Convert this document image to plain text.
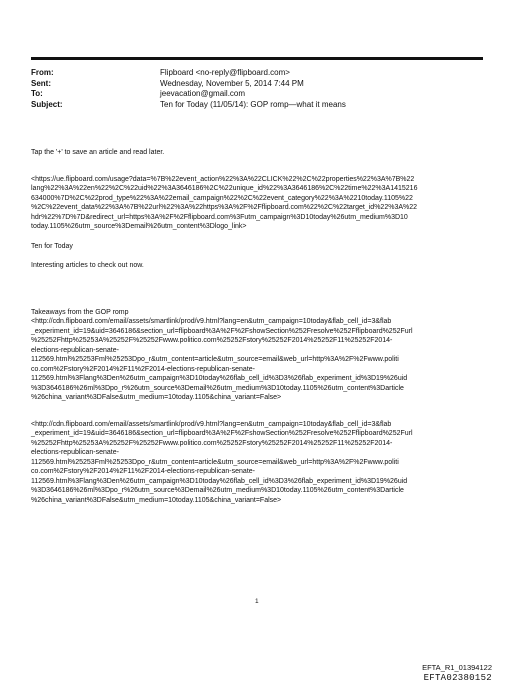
From:	Flipboard <no-reply@flipboard.com>
Sent:	Wednesday, November 5, 2014 7:44 PM
To:	jeevacation@gmail.com
Subject:	Ten for Today (11/05/14): GOP romp—what it means

Tap the '+' to save an article and read later.

<https://ue.flipboard.com/usage?data=%7B%22event_action%22%3A%22CLICK%22%2C%22properties%22%3A%7B%22
lang%22%3A%22en%22%2C%22uid%22%3A3646186%2C%22unique_id%22%3A3646186%2C%22time%22%3A1415216
634000%7D%2C%22prod_type%22%3A%22email_campaign%22%2C%22event_category%22%3A%2210today.1105%22
%2C%22event_data%22%3A%7B%22url%22%3A%22https%3A%2F%2Fflipboard.com%22%2C%22target_id%22%3A%22
hdr%22%7D%7D&redirect_url=https%3A%2F%2Fflipboard.com%3Futm_campaign%3D10today%26utm_medium%3D10
today.1105%26utm_source%3Demail%26utm_content%3Dlogo_link>

Ten for Today

Interesting articles to check out now.

Takeaways from the GOP romp
<http://cdn.flipboard.com/email/assets/smartlink/prod/v9.html?lang=en&utm_campaign=10today&flab_cell_id=3&flab
_experiment_id=19&uid=3646186&section_url=flipboard%3A%2F%2FshowSection%252Fresolve%252Fflipboard%252Furl
%25252Fhttp%25253A%25252F%25252Fwww.politico.com%25252Fstory%25252F2014%25252F11%25252F2014-
elections-republican-senate-
112569.html%25253Fml%25253Dpo_r&utm_content=article&utm_source=email&web_url=http%3A%2F%2Fwww.politi
co.com%2Fstory%2F2014%2F11%2F2014-elections-republican-senate-
112569.html%3Flang%3Den%26utm_campaign%3D10today%26flab_cell_id%3D3%26flab_experiment_id%3D19%26uid
%3D3646186%26ml%3Dpo_r%26utm_source%3Demail%26utm_medium%3D10today.1105%26utm_content%3Darticle
%26china_variant%3DFalse&utm_medium=10today.1105&china_variant=False>

<http://cdn.flipboard.com/email/assets/smartlink/prod/v9.html?lang=en&utm_campaign=10today&flab_cell_id=3&flab
_experiment_id=19&uid=3646186&section_url=flipboard%3A%2F%2FshowSection%252Fresolve%252Fflipboard%252Furl
%25252Fhttp%25253A%25252F%25252Fwww.politico.com%25252Fstory%25252F2014%25252F11%25252F2014-
elections-republican-senate-
112569.html%25253Fml%25253Dpo_r&utm_content=article&utm_source=email&web_url=http%3A%2F%2Fwww.politi
co.com%2Fstory%2F2014%2F11%2F2014-elections-republican-senate-
112569.html%3Flang%3Den%26utm_campaign%3D10today%26flab_cell_id%3D3%26flab_experiment_id%3D19%26uid
%3D3646186%26ml%3Dpo_r%26utm_source%3Demail%26utm_medium%3D10today.1105%26utm_content%3Darticle
%26china_variant%3DFalse&utm_medium=10today.1105&china_variant=False>

1
EFTA_R1_01394122
EFTA02380152
